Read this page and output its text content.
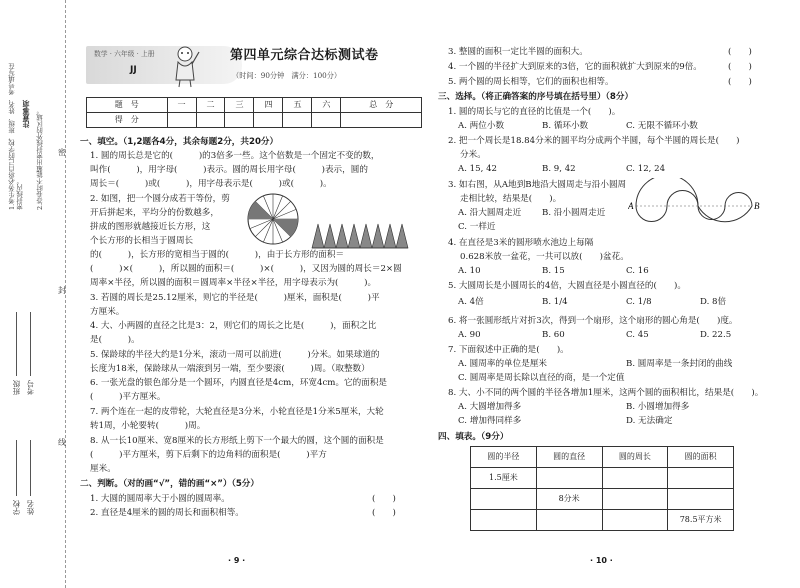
1.考生务必将自己的学校、班级、姓名、考号填写在密封线内。 2.答卷时不能超出密封线外的区域。
注意事项
密
封
线
学校 姓名
班级 考号
数学 · 六年级 · 上册
JJ
第四单元综合达标测试卷
（时间：90分钟　满分：100分）
题　号	一	二	三	四	五	六	总　分
得　分							
一、填空。（1,2题各4分，其余每题2分，共20分）
1. 圆的周长总是它的(　　　)的3倍多一些。这个倍数是一个固定不变的数，
叫作(　　　)，用字母(　　　)表示。圆的周长用字母(　　　)表示，圆的
周长＝(　　　)或(　　　)，用字母表示是(　　　)或(　　　)。
2. 如图，把一个圆分成若干等份，剪
开后拼起来，平均分的份数越多，
拼成的图形就越接近长方形，这
个长方形的长相当于圆周长
的(　　　)，长方形的宽相当于圆的(　　　)，由于长方形的面积＝
(　　　)×(　　　)，所以圆的面积＝(　　　)×(　　　)，又因为圆的周长＝2×圆
周率×半径，所以圆的面积＝圆周率×半径×半径，用字母表示为(　　　)。
3. 若圆的周长是25.12厘米，则它的半径是(　　　)厘米，面积是(　　　)平
方厘米。
4. 大、小两圆的直径之比是3：2，则它们的周长之比是(　　　)，面积之比
是(　　　)。
5. 保龄球的半径大约是1分米，滚动一周可以前进(　　　)分米。如果球道的
长度为18米，保龄球从一端滚到另一端，至少要滚(　　　)周。（取整数）
6. 一张光盘的银色部分是一个圆环，内圆直径是4cm，环宽4cm。它的面积是
(　　　)平方厘米。
7. 两个连在一起的皮带轮，大轮直径是3分米，小轮直径是1分米5厘米，大轮
转1周，小轮要转(　　　)周。
8. 从一长10厘米、宽8厘米的长方形纸上剪下一个最大的圆，这个圆的面积是
(　　　)平方厘米，剪下后剩下的边角料的面积是(　　　)平方
厘米。
二、判断。（对的画“√”，错的画“×”）（5分）
1. 大圆的圆周率大于小圆的圆周率。	(　　)
2. 直径是4厘米的圆的周长和面积相等。	(　　)
· 9 ·
3. 整圆的面积一定比半圆的面积大。	(　　)
4. 一个圆的半径扩大到原来的3倍，它的面积就扩大到原来的9倍。	(　　)
5. 两个圆的周长相等，它们的面积也相等。	(　　)
三、选择。（将正确答案的序号填在括号里）（8分）
1. 圆的周长与它的直径的比值是一个(　　)。
A. 两位小数	B. 循环小数	C. 无限不循环小数
2. 把一个周长是18.84分米的圆平均分成两个半圆，每个半圆的周长是(　　)
分米。
A. 15, 42	B. 9, 42	C. 12, 24
3. 如右图，从A地到B地沿大圆周走与沿小圆周
走相比较，结果是(　　)。
A. 沿大圆周走近 B. 沿小圆周走近
C. 一样近
A	B
4. 在直径是3米的圆形喷水池边上每隔
0.628米放一盆花，一共可以放(　　)盆花。
A. 10	B. 15	C. 16
5. 大圆周长是小圆周长的4倍，大圆直径是小圆直径的(　　)。
A. 4倍	B. 1/4	C. 1/8	D. 8倍
6. 将一张圆形纸片对折3次，得到一个扇形，这个扇形的圆心角是(　　)度。
A. 90	B. 60	C. 45	D. 22.5
7. 下面叙述中正确的是(　　)。
A. 圆周率的单位是厘米	B. 圆周率是一条封闭的曲线
C. 圆周率是周长除以直径的商，是一个定值
8. 大、小不同的两个圆的半径各增加1厘米，这两个圆的面积相比，结果是(　　)。
A. 大圆增加得多	B. 小圆增加得多
C. 增加得同样多	D. 无法确定
四、填表。（9分）
圆的半径	圆的直径	圆的周长	圆的面积
1.5厘米			
	8分米		
			78.5平方米
· 10 ·
